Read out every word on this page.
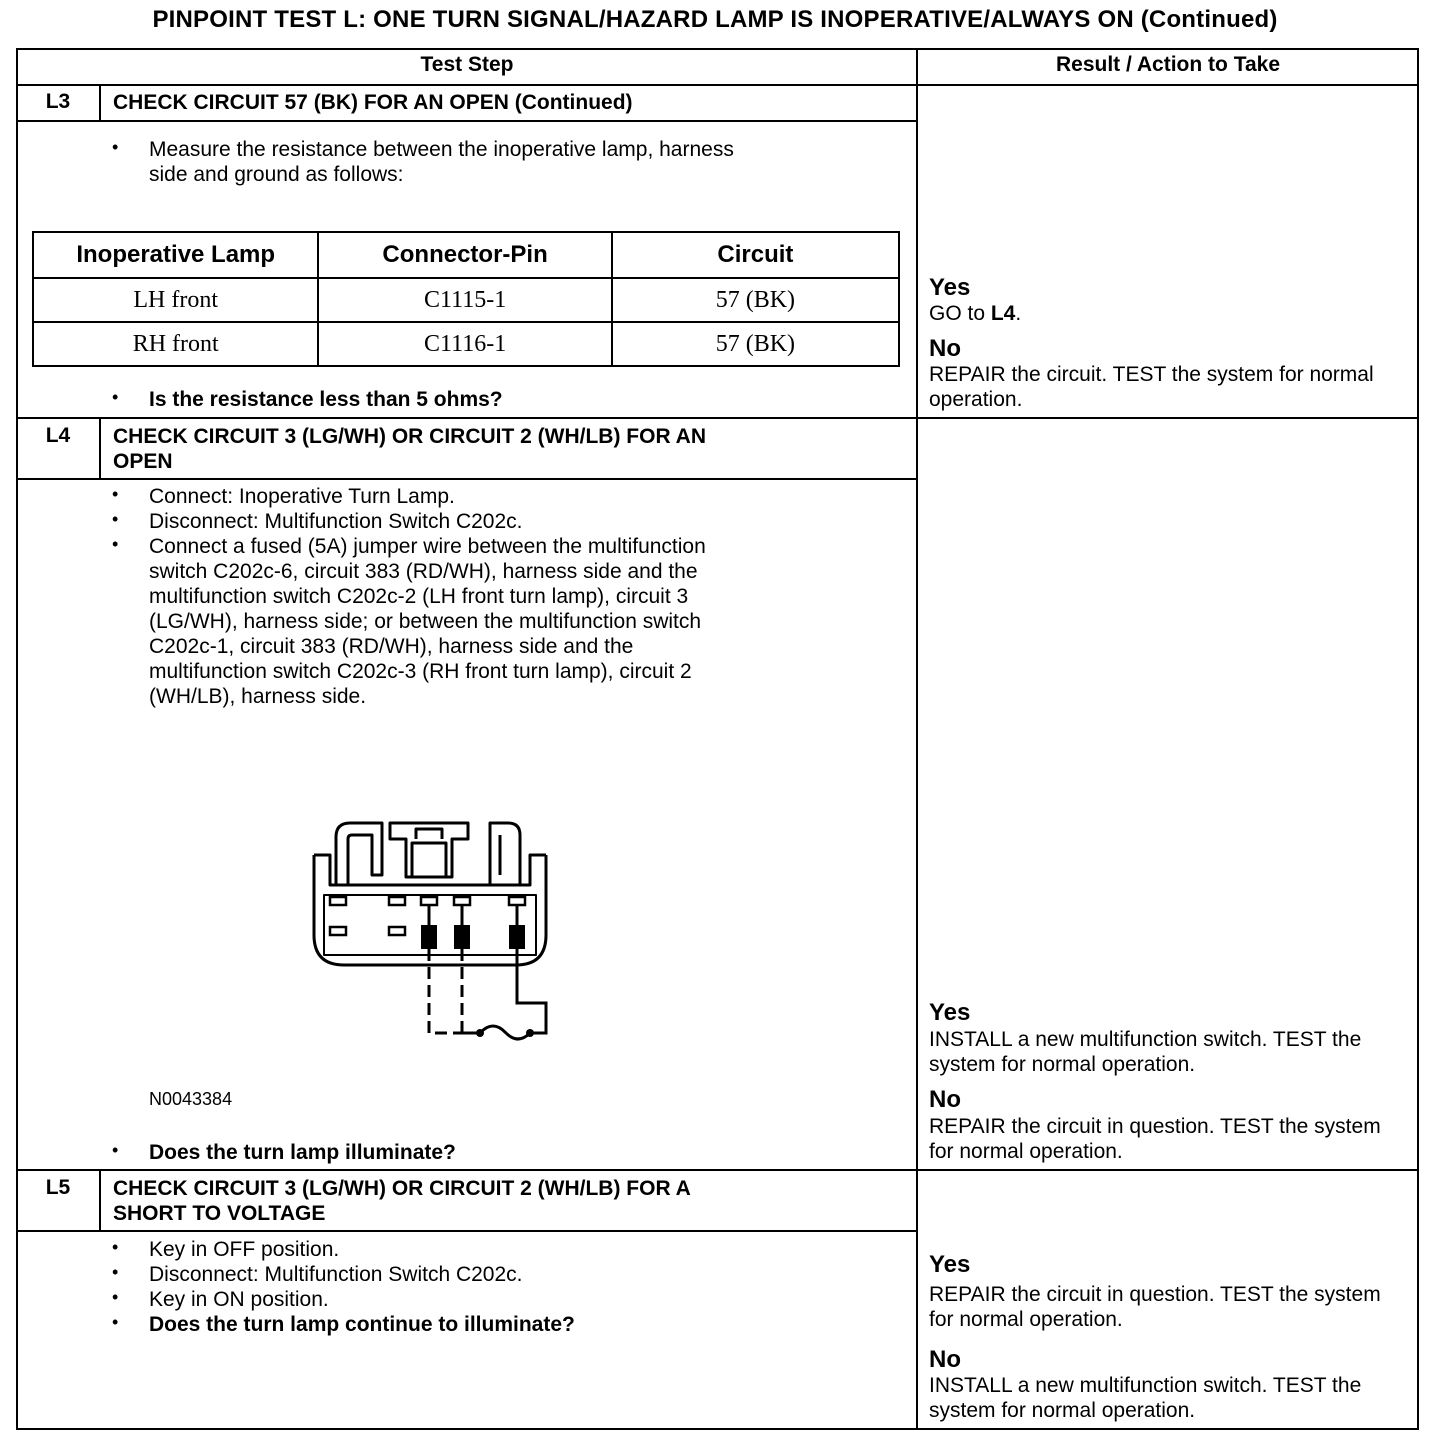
PINPOINT TEST L: ONE TURN SIGNAL/HAZARD LAMP IS INOPERATIVE/ALWAYS ON (Continued)
Test Step	Result / Action to Take
L3	CHECK CIRCUIT 57 (BK) FOR AN OPEN (Continued)
• Measure the resistance between the inoperative lamp, harness
side and ground as follows:
Inoperative Lamp	Connector-Pin	Circuit
LH front	C1115-1	57 (BK)
RH front	C1116-1	57 (BK)
• Is the resistance less than 5 ohms?
Yes
GO to L4.
No
REPAIR the circuit. TEST the system for normal operation.
L4	CHECK CIRCUIT 3 (LG/WH) OR CIRCUIT 2 (WH/LB) FOR AN
OPEN
• Connect: Inoperative Turn Lamp.
• Disconnect: Multifunction Switch C202c.
• Connect a fused (5A) jumper wire between the multifunction
switch C202c-6, circuit 383 (RD/WH), harness side and the
multifunction switch C202c-2 (LH front turn lamp), circuit 3
(LG/WH), harness side; or between the multifunction switch
C202c-1, circuit 383 (RD/WH), harness side and the
multifunction switch C202c-3 (RH front turn lamp), circuit 2
(WH/LB), harness side.
N0043384
• Does the turn lamp illuminate?
Yes
INSTALL a new multifunction switch. TEST the system for normal operation.
No
REPAIR the circuit in question. TEST the system for normal operation.
L5	CHECK CIRCUIT 3 (LG/WH) OR CIRCUIT 2 (WH/LB) FOR A
SHORT TO VOLTAGE
• Key in OFF position.
• Disconnect: Multifunction Switch C202c.
• Key in ON position.
• Does the turn lamp continue to illuminate?
Yes
REPAIR the circuit in question. TEST the system for normal operation.
No
INSTALL a new multifunction switch. TEST the system for normal operation.
